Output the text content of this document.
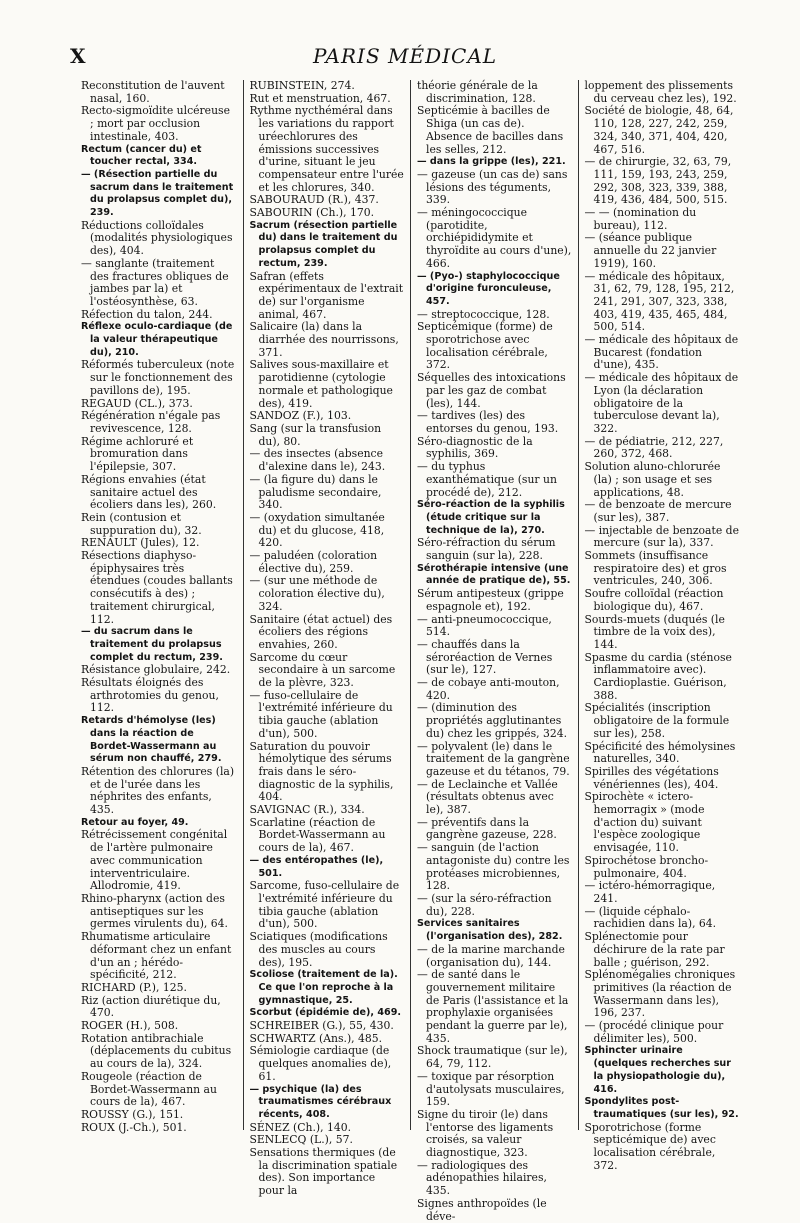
X	PARIS MÉDICAL

Reconstitution de l'auvent nasal, 160.

Recto-sigmoïdite ulcéreuse ; mort par occlusion intestinale, 403.

Rectum (cancer du) et toucher rectal, 334.

— (Résection partielle du sacrum dans le traitement du prolapsus complet du), 239.

Réductions colloïdales (modalités physiologiques des), 404.

— sanglante (traitement des fractures obliques de jambes par la) et l'ostéosynthèse, 63.

Réfection du talon, 244.

Réflexe oculo-cardiaque (de la valeur thérapeutique du), 210.

Réformés tuberculeux (note sur le fonctionnement des pavillons de), 195.

REGAUD (CL.), 373.

Régénération n'égale pas revivescence, 128.

Régime achloruré et bromuration dans l'épilepsie, 307.

Régions envahies (état sanitaire actuel des écoliers dans les), 260.

Rein (contusion et suppuration du), 32.

RENAULT (Jules), 12.

Résections diaphyso-épiphysaires très étendues (coudes ballants consécutifs à des) ; traitement chirurgical, 112.

— du sacrum dans le traitement du prolapsus complet du rectum, 239.

Résistance globulaire, 242.

Résultats éloignés des arthrotomies du genou, 112.

Retards d'hémolyse (les) dans la réaction de Bordet-Wassermann au sérum non chauffé, 279.

Rétention des chlorures (la) et de l'urée dans les néphrites des enfants, 435.

Retour au foyer, 49.

Rétrécissement congénital de l'artère pulmonaire avec communication interventriculaire. Allodromie, 419.

Rhino-pharynx (action des antiseptiques sur les germes virulents du), 64.

Rhumatisme articulaire déformant chez un enfant d'un an ; hérédo-spécificité, 212.

RICHARD (P.), 125.

Riz (action diurétique du, 470.

ROGER (H.), 508.

Rotation antibrachiale (déplacements du cubitus au cours de la), 324.

Rougeole (réaction de Bordet-Wassermann au cours de la), 467.

ROUSSY (G.), 151.

ROUX (J.-Ch.), 501.

RUBINSTEIN, 274.

Rut et menstruation, 467.

Rythme nycthéméral dans les variations du rapport uréechlorures des émissions successives d'urine, situant le jeu compensateur entre l'urée et les chlorures, 340.

SABOURAUD (R.), 437.

SABOURIN (Ch.), 170.

Sacrum (résection partielle du) dans le traitement du prolapsus complet du rectum, 239.

Safran (effets expérimentaux de l'extrait de) sur l'organisme animal, 467.

Salicaire (la) dans la diarrhée des nourrissons, 371.

Salives sous-maxillaire et parotidienne (cytologie normale et pathologique des), 419.

SANDOZ (F.), 103.

Sang (sur la transfusion du), 80.

— des insectes (absence d'alexine dans le), 243.

— (la figure du) dans le paludisme secondaire, 340.

— (oxydation simultanée du) et du glucose, 418, 420.

— paludéen (coloration élective du), 259.

— (sur une méthode de coloration élective du), 324.

Sanitaire (état actuel) des écoliers des régions envahies, 260.

Sarcome du cœur secondaire à un sarcome de la plèvre, 323.

— fuso-cellulaire de l'extrémité inférieure du tibia gauche (ablation d'un), 500.

Saturation du pouvoir hémolytique des sérums frais dans le séro-diagnostic de la syphilis, 404.

SAVIGNAC (R.), 334.

Scarlatine (réaction de Bordet-Wassermann au cours de la), 467.

— des entéropathes (le), 501.

Sarcome, fuso-cellulaire de l'extrémité inférieure du tibia gauche (ablation d'un), 500.

Sciatiques (modifications des muscles au cours des), 195.

Scoliose (traitement de la). Ce que l'on reproche à la gymnastique, 25.

Scorbut (épidémie de), 469.

SCHREIBER (G.), 55, 430.

SCHWARTZ (Ans.), 485.

Sémiologie cardiaque (de quelques anomalies de), 61.

— psychique (la) des traumatismes cérébraux récents, 408.

SÉNEZ (Ch.), 140.

SENLECQ (L.), 57.

Sensations thermiques (de la discrimination spatiale des). Son importance pour la

théorie générale de la discrimination, 128.

Septicémie à bacilles de Shiga (un cas de). Absence de bacilles dans les selles, 212.

— dans la grippe (les), 221.

— gazeuse (un cas de) sans lésions des téguments, 339.

— méningococcique (parotidite, orchiépididymite et thyroïdite au cours d'une), 466.

— (Pyo-) staphylococcique d'origine furonculeuse, 457.

— streptococcique, 128.

Septicémique (forme) de sporotrichose avec localisation cérébrale, 372.

Séquelles des intoxications par les gaz de combat (les), 144.

— tardives (les) des entorses du genou, 193.

Séro-diagnostic de la syphilis, 369.

— du typhus exanthématique (sur un procédé de), 212.

Séro-réaction de la syphilis (étude critique sur la technique de la), 270.

Séro-réfraction du sérum sanguin (sur la), 228.

Sérothérapie intensive (une année de pratique de), 55.

Sérum antipesteux (grippe espagnole et), 192.

— anti-pneumococcique, 514.

— chauffés dans la séroréaction de Vernes (sur le), 127.

— de cobaye anti-mouton, 420.

— (diminution des propriétés agglutinantes du) chez les grippés, 324.

— polyvalent (le) dans le traitement de la gangrène gazeuse et du tétanos, 79.

— de Leclainche et Vallée (résultats obtenus avec le), 387.

— préventifs dans la gangrène gazeuse, 228.

— sanguin (de l'action antagoniste du) contre les protéases microbiennes, 128.

— (sur la séro-réfraction du), 228.

Services sanitaires (l'organisation des), 282.

— de la marine marchande (organisation du), 144.

— de santé dans le gouvernement militaire de Paris (l'assistance et la prophylaxie organisées pendant la guerre par le), 435.

Shock traumatique (sur le), 64, 79, 112.

— toxique par résorption d'autolysats musculaires, 159.

Signe du tiroir (le) dans l'entorse des ligaments croisés, sa valeur diagnostique, 323.

— radiologiques des adénopathies hilaires, 435.

Signes anthropoïdes (le déve-

loppement des plissements du cerveau chez les), 192.

Société de biologie, 48, 64, 110, 128, 227, 242, 259, 324, 340, 371, 404, 420, 467, 516.

— de chirurgie, 32, 63, 79, 111, 159, 193, 243, 259, 292, 308, 323, 339, 388, 419, 436, 484, 500, 515.

— — (nomination du bureau), 112.

— (séance publique annuelle du 22 janvier 1919), 160.

— médicale des hôpitaux, 31, 62, 79, 128, 195, 212, 241, 291, 307, 323, 338, 403, 419, 435, 465, 484, 500, 514.

— médicale des hôpitaux de Bucarest (fondation d'une), 435.

— médicale des hôpitaux de Lyon (la déclaration obligatoire de la tuberculose devant la), 322.

— de pédiatrie, 212, 227, 260, 372, 468.

Solution aluno-chlorurée (la) ; son usage et ses applications, 48.

— de benzoate de mercure (sur les), 387.

— injectable de benzoate de mercure (sur la), 337.

Sommets (insuffisance respiratoire des) et gros ventricules, 240, 306.

Soufre colloïdal (réaction biologique du), 467.

Sourds-muets (duqués (le timbre de la voix des), 144.

Spasme du cardia (sténose inflammatoire avec). Cardioplastie. Guérison, 388.

Spécialités (inscription obligatoire de la formule sur les), 258.

Spécificité des hémolysines naturelles, 340.

Spirilles des végétations vénériennes (les), 404.

Spirochète « ictero-hemorragix » (mode d'action du) suivant l'espèce zoologique envisagée, 110.

Spirochétose broncho-pulmonaire, 404.

— ictéro-hémorragique, 241.

— (liquide céphalo-rachidien dans la), 64.

Splénectomie pour déchirure de la rate par balle ; guérison, 292.

Splénomégalies chroniques primitives (la réaction de Wassermann dans les), 196, 237.

— (procédé clinique pour délimiter les), 500.

Sphincter urinaire (quelques recherches sur la physiopathologie du), 416.

Spondylites post-traumatiques (sur les), 92.

Sporotrichose (forme septicémique de) avec localisation cérébrale, 372.
